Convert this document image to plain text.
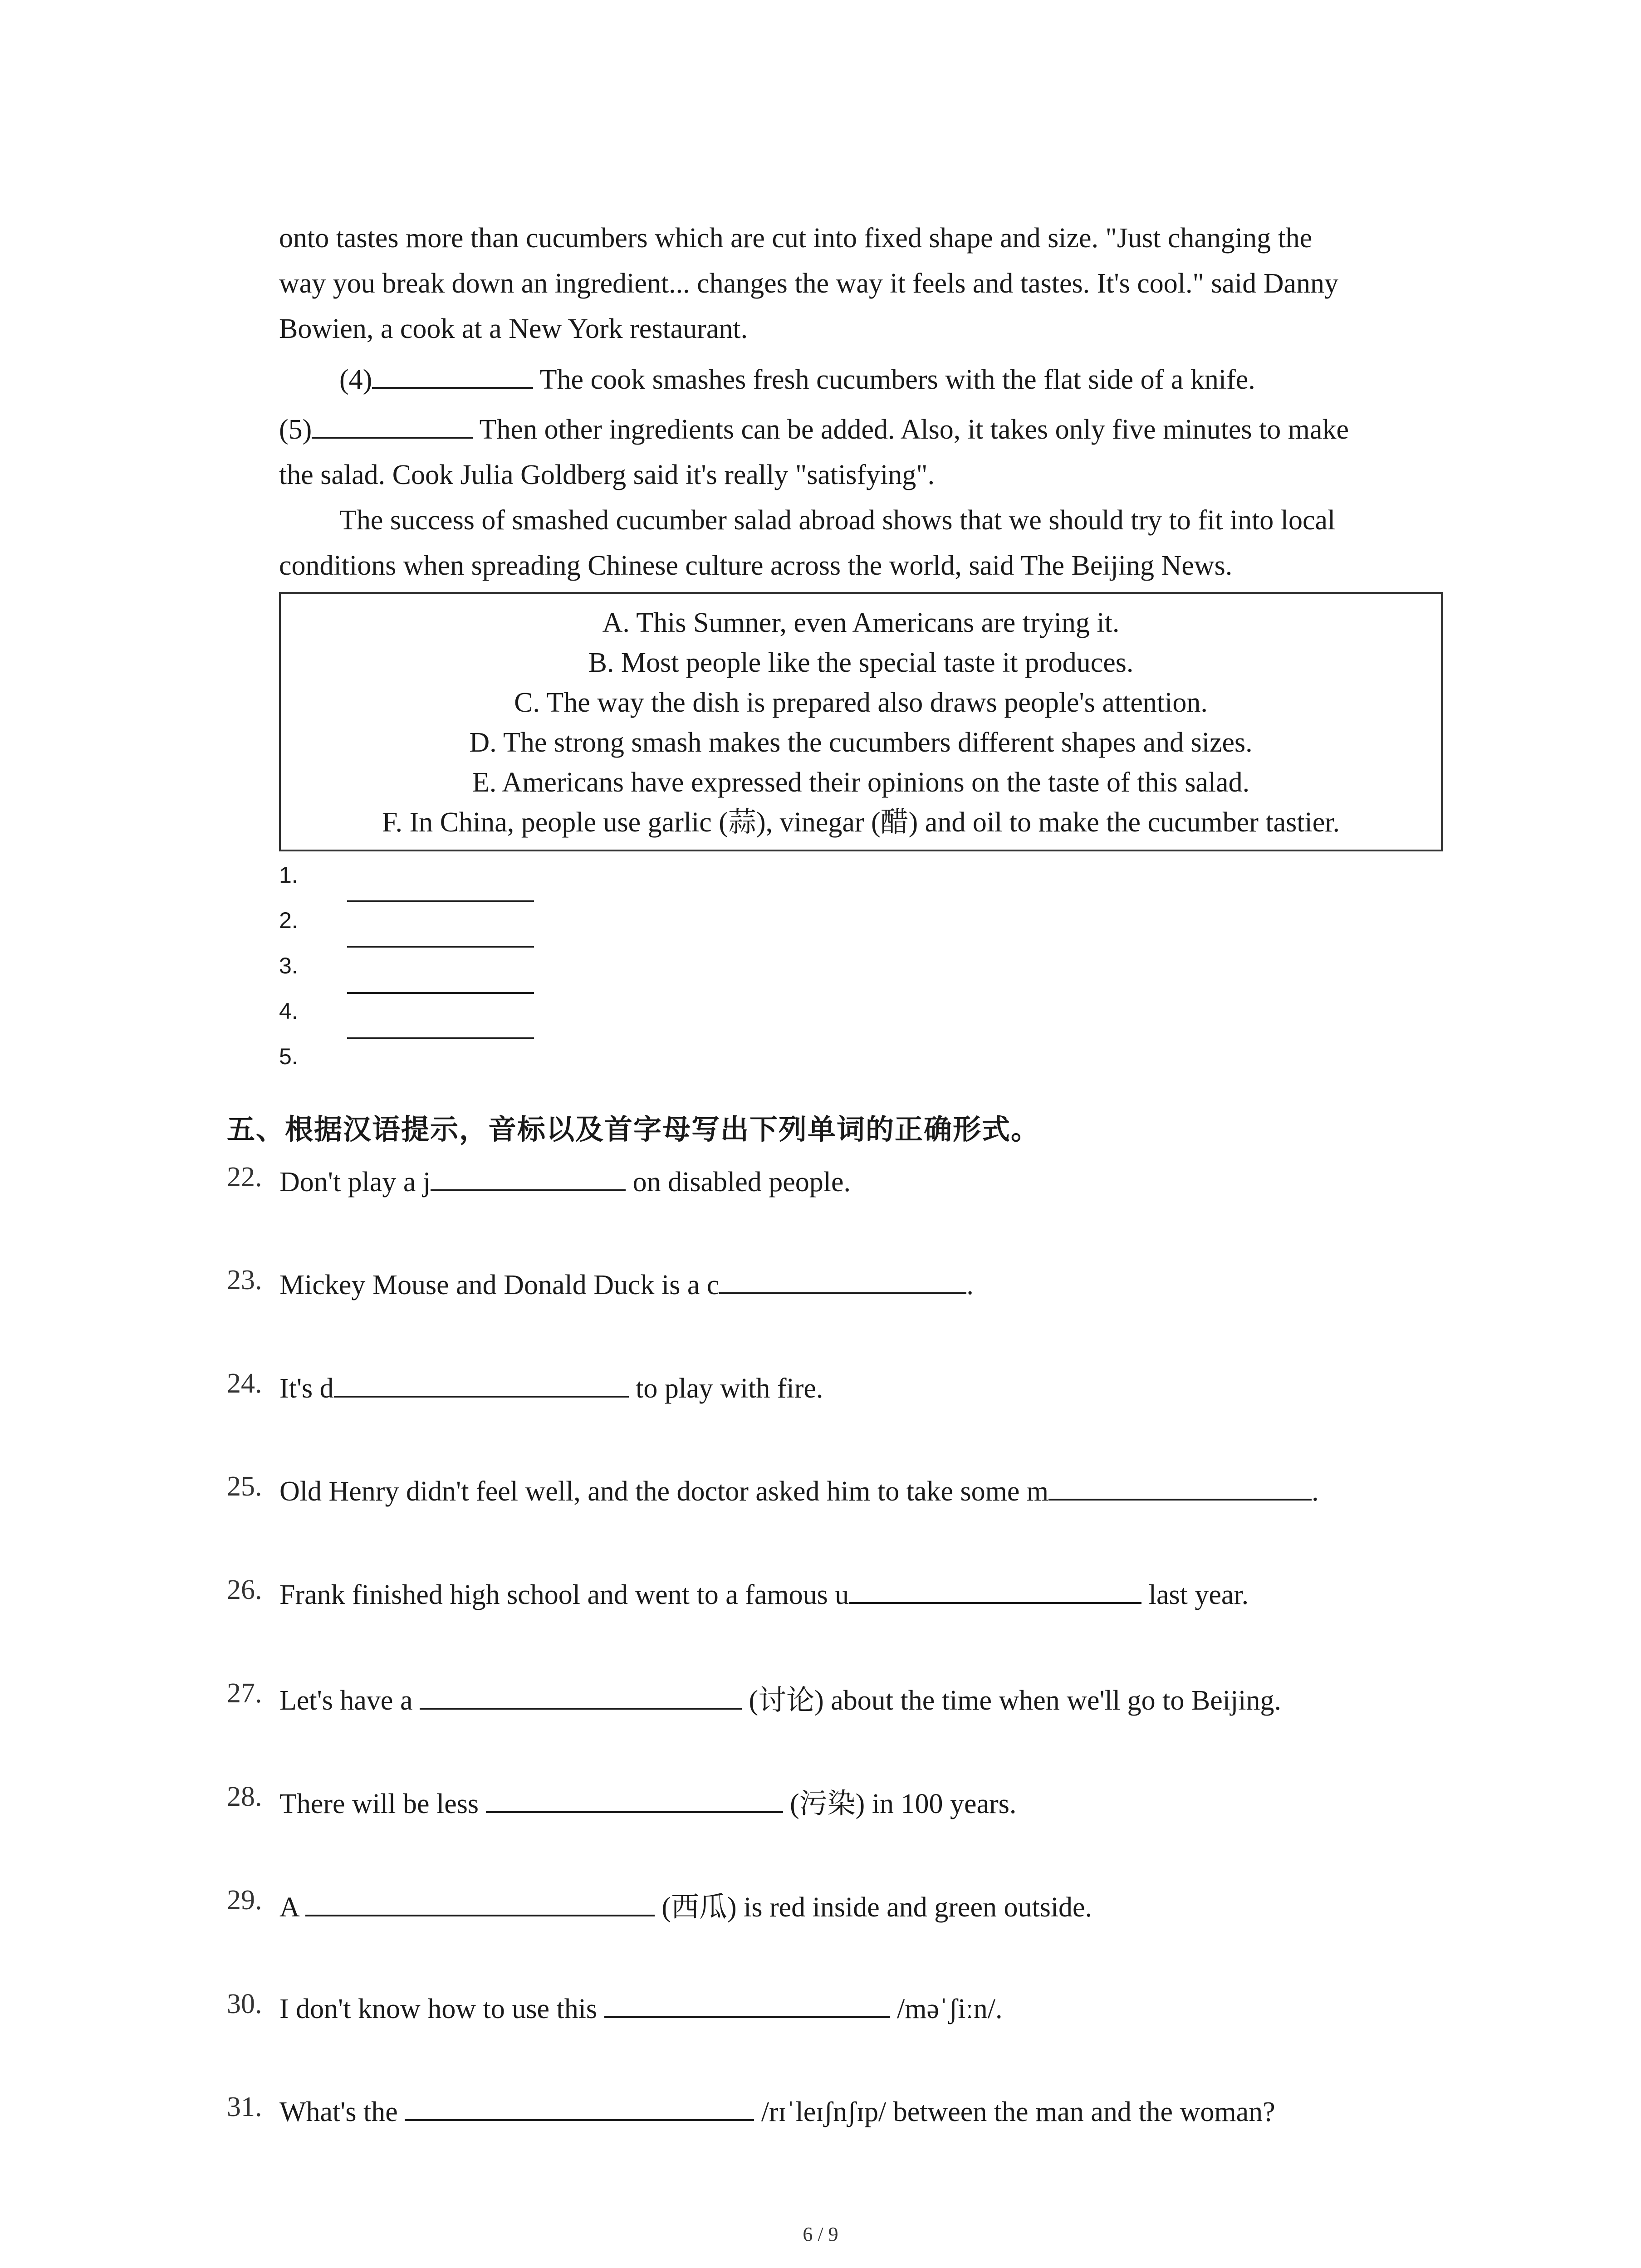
onto tastes more than cucumbers which are cut into fixed shape and size. "Just changing the
way you break down an ingredient... changes the way it feels and tastes. It's cool." said Danny
Bowien, a cook at a New York restaurant.
(4)	The cook smashes fresh cucumbers with the flat side of a knife.
(5)	Then other ingredients can be added. Also, it takes only five minutes to make
the salad. Cook Julia Goldberg said it's really "satisfying".
The success of smashed cucumber salad abroad shows that we should try to fit into local
conditions when spreading Chinese culture across the world, said The Beijing News.
A. This Sumner, even Americans are trying it.
B. Most people like the special taste it produces.
C. The way the dish is prepared also draws people's attention.
D. The strong smash makes the cucumbers different shapes and sizes.
E. Americans have expressed their opinions on the taste of this salad.
F. In China, people use garlic (蒜), vinegar (醋) and oil to make the cucumber tastier.
1.
2.
3.
4.
5.
五、根据汉语提示，音标以及首字母写出下列单词的正确形式。
22. Don't play a j	on disabled people.
23. Mickey Mouse and Donald Duck is a c	.
24. It's d	to play with fire.
25. Old Henry didn't feel well, and the doctor asked him to take some m	.
26. Frank finished high school and went to a famous u	last year.
27. Let's have a	(讨论) about the time when we'll go to Beijing.
28. There will be less	(污染) in 100 years.
29. A	(西瓜) is red inside and green outside.
30. I don't know how to use this	/məˈʃiːn/.
31. What's the	/rɪˈleɪʃnʃɪp/ between the man and the woman?
6 / 9
